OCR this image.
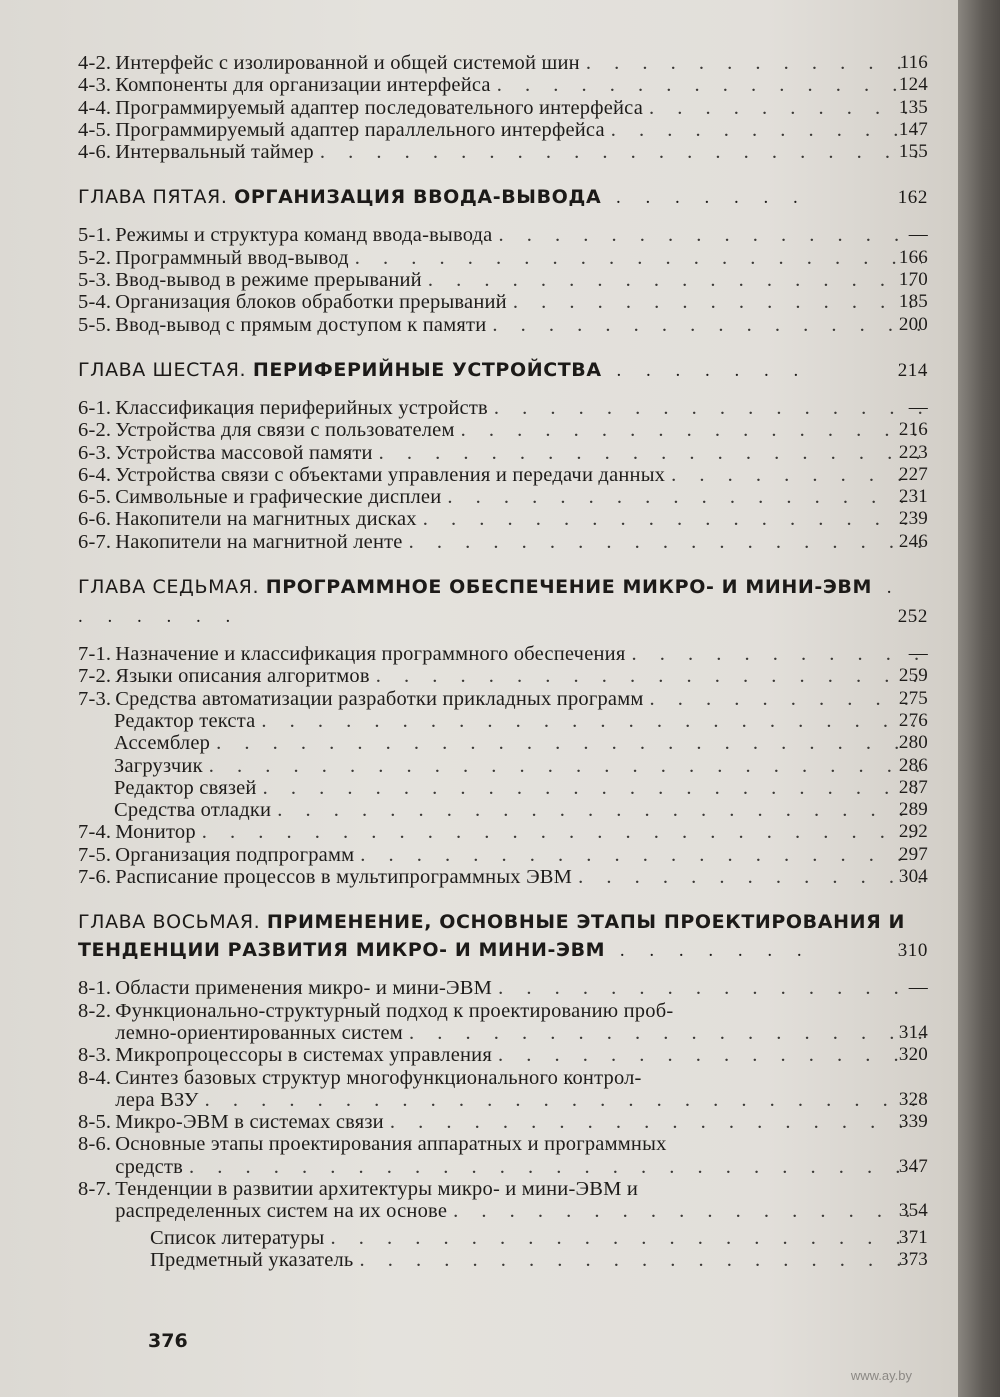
4-2. Интерфейс с изолированной и общей системой шин . . .	116
4-3. Компоненты для организации интерфейса . . .	124
4-4. Программируемый адаптер последовательного интерфейса . . .	135
4-5. Программируемый адаптер параллельного интерфейса . . .	147
4-6. Интервальный таймер . . .	155
ГЛАВА ПЯТАЯ. ОРГАНИЗАЦИЯ ВВОДА-ВЫВОДА . . . . . . .	162
5-1. Режимы и структура команд ввода-вывода . . .	—
5-2. Программный ввод-вывод . . .	166
5-3. Ввод-вывод в режиме прерываний . . .	170
5-4. Организация блоков обработки прерываний . . .	185
5-5. Ввод-вывод с прямым доступом к памяти . . .	200
ГЛАВА ШЕСТАЯ. ПЕРИФЕРИЙНЫЕ УСТРОЙСТВА . . . . . . .	214
6-1. Классификация периферийных устройств . . .	—
6-2. Устройства для связи с пользователем . . .	216
6-3. Устройства массовой памяти . . .	223
6-4. Устройства связи с объектами управления и передачи данных . . .	227
6-5. Символьные и графические дисплеи . . .	231
6-6. Накопители на магнитных дисках . . .	239
6-7. Накопители на магнитной ленте . . .	246
ГЛАВА СЕДЬМАЯ. ПРОГРАММНОЕ ОБЕСПЕЧЕНИЕ МИКРО- И МИНИ-ЭВМ . . . . . . .	252
7-1. Назначение и классификация программного обеспечения . . .	—
7-2. Языки описания алгоритмов . . .	259
7-3. Средства автоматизации разработки прикладных программ . . .	275
Редактор текста . . .	276
Ассемблер . . .	280
Загрузчик . . .	286
Редактор связей . . .	287
Средства отладки . . .	289
7-4. Монитор . . .	292
7-5. Организация подпрограмм . . .	297
7-6. Расписание процессов в мультипрограммных ЭВМ . . .	304
ГЛАВА ВОСЬМАЯ. ПРИМЕНЕНИЕ, ОСНОВНЫЕ ЭТАПЫ ПРОЕКТИРОВАНИЯ И ТЕНДЕНЦИИ РАЗВИТИЯ МИКРО- И МИНИ-ЭВМ . . . . . . .	310
8-1. Области применения микро- и мини-ЭВМ . . .	—
8-2. Функционально-структурный подход к проектированию проб-
лемно-ориентированных систем . . .	314
8-3. Микропроцессоры в системах управления . . .	320
8-4. Синтез базовых структур многофункционального контрол-
лера ВЗУ . . .	328
8-5. Микро-ЭВМ в системах связи . . .	339
8-6. Основные этапы проектирования аппаратных и программных
средств . . .	347
8-7. Тенденции в развитии архитектуры микро- и мини-ЭВМ и
распределенных систем на их основе . . .	354
Список литературы . . .	371
Предметный указатель . . .	373
376
www.ay.by
